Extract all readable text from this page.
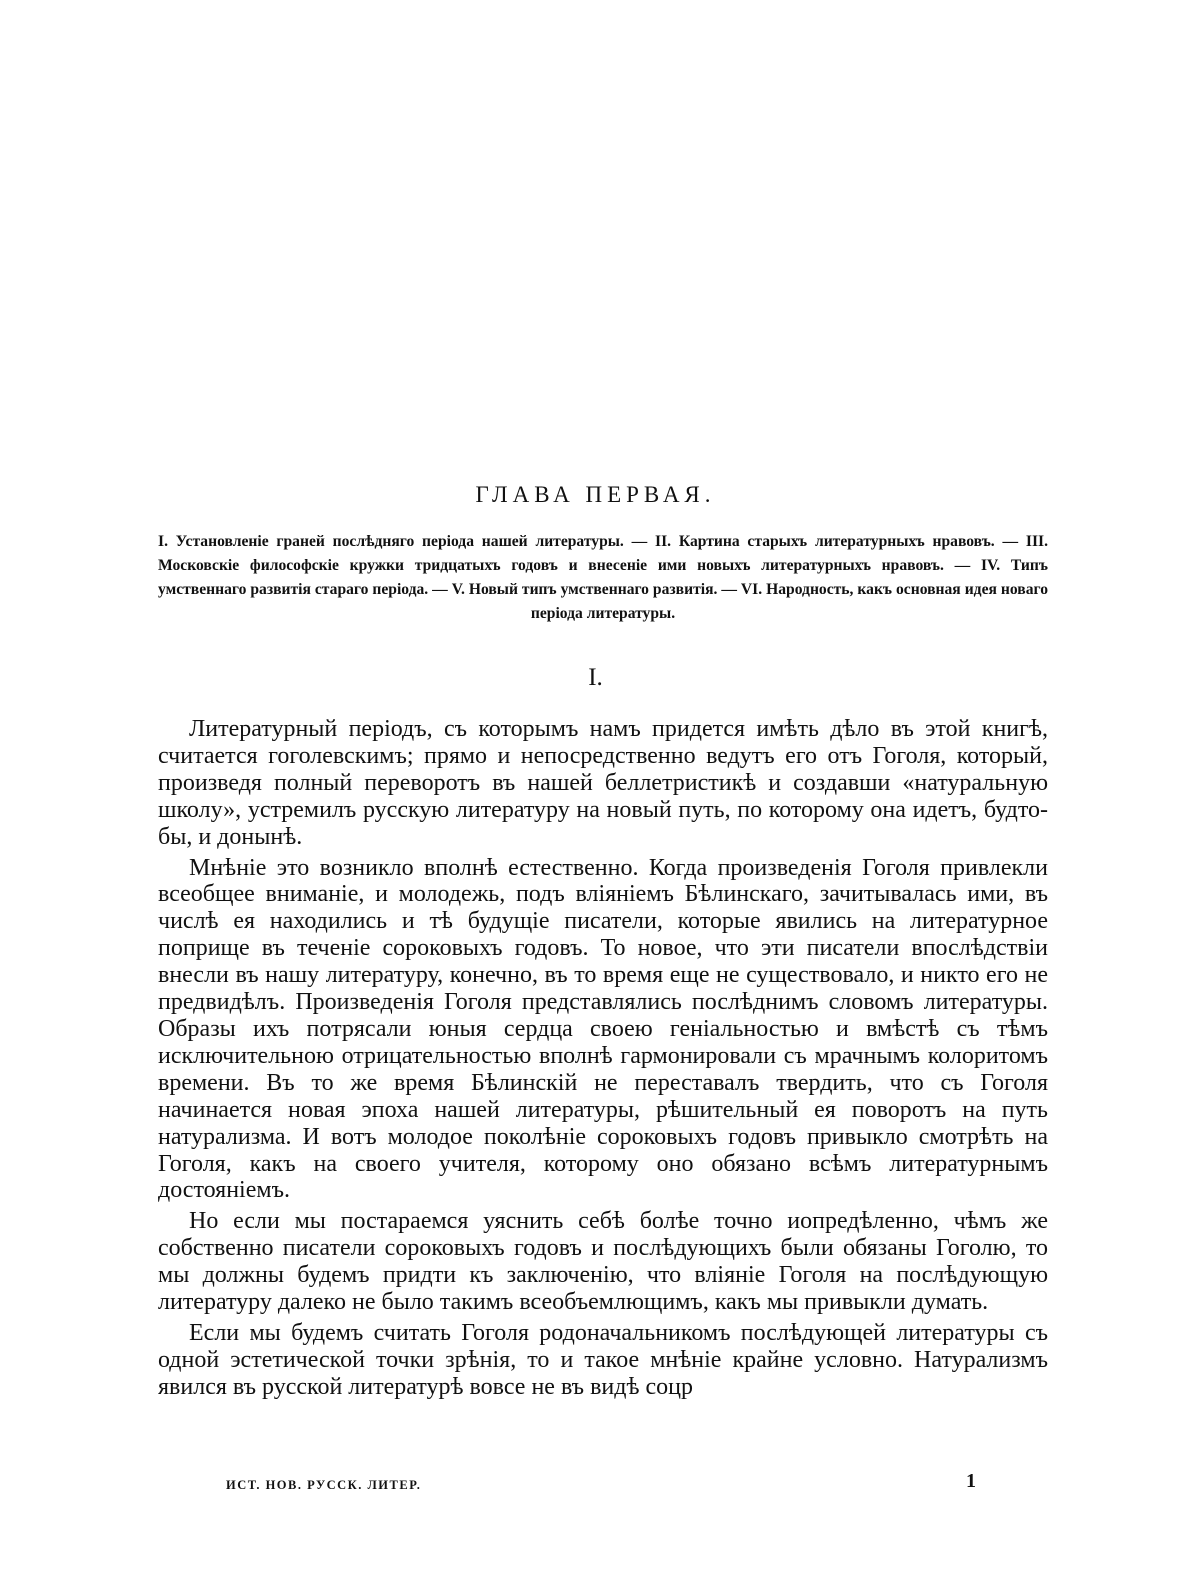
ГЛАВА ПЕРВАЯ.

I. Установленіе граней послѣдняго періода нашей литературы. — II. Картина старыхъ литературныхъ нравовъ. — III. Московскіе философскіе кружки тридцатыхъ годовъ и внесеніе ими новыхъ литературныхъ нравовъ. — IV. Типъ умственнаго развитія стараго періода. — V. Новый типъ умственнаго развитія. — VI. Народность, какъ основная идея новаго періода литературы.

I.

Литературный періодъ, съ которымъ намъ придется имѣть дѣло въ этой книгѣ, считается гоголевскимъ; прямо и непосредственно ведутъ его отъ Гоголя, который, произведя полный переворотъ въ нашей беллетристикѣ и создавши «натуральную школу», устремилъ русскую литературу на новый путь, по которому она идетъ, будто-бы, и донынѣ.

Мнѣніе это возникло вполнѣ естественно. Когда произведенія Гоголя привлекли всеобщее вниманіе, и молодежь, подъ вліяніемъ Бѣлинскаго, зачитывалась ими, въ числѣ ея находились и тѣ будущіе писатели, которые явились на литературное поприще въ теченіе сороковыхъ годовъ. То новое, что эти писатели впослѣдствіи внесли въ нашу литературу, конечно, въ то время еще не существовало, и никто его не предвидѣлъ. Произведенія Гоголя представлялись послѣднимъ словомъ литературы. Образы ихъ потрясали юныя сердца своею геніальностью и вмѣстѣ съ тѣмъ исключительною отрицательностью вполнѣ гармонировали съ мрачнымъ колоритомъ времени. Въ то же время Бѣлинскій не переставалъ твердить, что съ Гоголя начинается новая эпоха нашей литературы, рѣшительный ея поворотъ на путь натурализма. И вотъ молодое поколѣніе сороковыхъ годовъ привыкло смотрѣть на Гоголя, какъ на своего учителя, которому оно обязано всѣмъ литературнымъ достояніемъ.

Но если мы постараемся уяснить себѣ болѣе точно иопредѣленно, чѣмъ же собственно писатели сороковыхъ годовъ и послѣдующихъ были обязаны Гоголю, то мы должны будемъ придти къ заключенію, что вліяніе Гоголя на послѣдующую литературу далеко не было такимъ всеобъемлющимъ, какъ мы привыкли думать.

Если мы будемъ считать Гоголя родоначальникомъ послѣдующей литературы съ одной эстетической точки зрѣнія, то и такое мнѣніе крайне условно. Натурализмъ явился въ русской литературѣ вовсе не въ видѣ соцр

ИСТ. НОВ. РУССК. ЛИТЕР.	1
